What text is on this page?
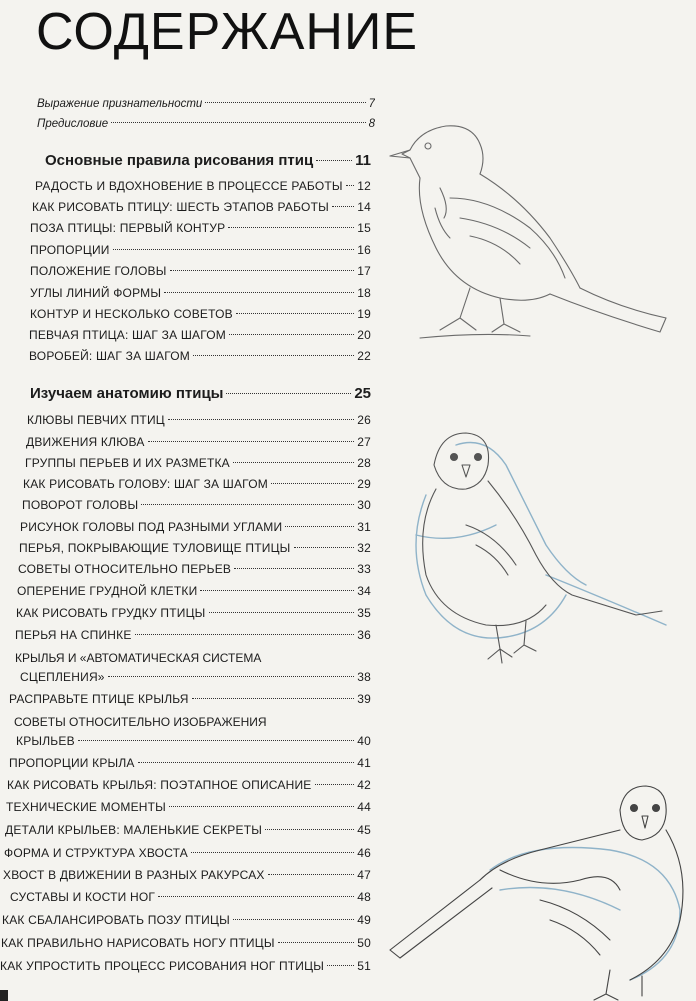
СОДЕРЖАНИЕ
Выражение признательности	7
Предисловие	8
Основные правила рисования птиц	11
РАДОСТЬ И ВДОХНОВЕНИЕ В ПРОЦЕССЕ РАБОТЫ 12
КАК РИСОВАТЬ ПТИЦУ: ШЕСТЬ ЭТАПОВ РАБОТЫ 14
ПОЗА ПТИЦЫ: ПЕРВЫЙ КОНТУР	15
ПРОПОРЦИИ	16
ПОЛОЖЕНИЕ ГОЛОВЫ	17
УГЛЫ ЛИНИЙ ФОРМЫ	18
КОНТУР И НЕСКОЛЬКО СОВЕТОВ	19
ПЕВЧАЯ ПТИЦА: ШАГ ЗА ШАГОМ	20
ВОРОБЕЙ: ШАГ ЗА ШАГОМ	22
Изучаем анатомию птицы	25
КЛЮВЫ ПЕВЧИХ ПТИЦ	26
ДВИЖЕНИЯ КЛЮВА	27
ГРУППЫ ПЕРЬЕВ И ИХ РАЗМЕТКА	28
КАК РИСОВАТЬ ГОЛОВУ: ШАГ ЗА ШАГОМ	29
ПОВОРОТ ГОЛОВЫ	30
РИСУНОК ГОЛОВЫ ПОД РАЗНЫМИ УГЛАМИ	31
ПЕРЬЯ, ПОКРЫВАЮЩИЕ ТУЛОВИЩЕ ПТИЦЫ	32
СОВЕТЫ ОТНОСИТЕЛЬНО ПЕРЬЕВ	33
ОПЕРЕНИЕ ГРУДНОЙ КЛЕТКИ	34
КАК РИСОВАТЬ ГРУДКУ ПТИЦЫ	35
ПЕРЬЯ НА СПИНКЕ	36
КРЫЛЬЯ И «АВТОМАТИЧЕСКАЯ СИСТЕМА
СЦЕПЛЕНИЯ»	38
РАСПРАВЬТЕ ПТИЦЕ КРЫЛЬЯ	39
СОВЕТЫ ОТНОСИТЕЛЬНО ИЗОБРАЖЕНИЯ
КРЫЛЬЕВ	40
ПРОПОРЦИИ КРЫЛА	41
КАК РИСОВАТЬ КРЫЛЬЯ: ПОЭТАПНОЕ ОПИСАНИЕ	42
ТЕХНИЧЕСКИЕ МОМЕНТЫ	44
ДЕТАЛИ КРЫЛЬЕВ: МАЛЕНЬКИЕ СЕКРЕТЫ	45
ФОРМА И СТРУКТУРА ХВОСТА	46
ХВОСТ В ДВИЖЕНИИ В РАЗНЫХ РАКУРСАХ	47
СУСТАВЫ И КОСТИ НОГ	48
КАК СБАЛАНСИРОВАТЬ ПОЗУ ПТИЦЫ	49
КАК ПРАВИЛЬНО НАРИСОВАТЬ НОГУ ПТИЦЫ	50
КАК УПРОСТИТЬ ПРОЦЕСС РИСОВАНИЯ НОГ ПТИЦЫ	51
